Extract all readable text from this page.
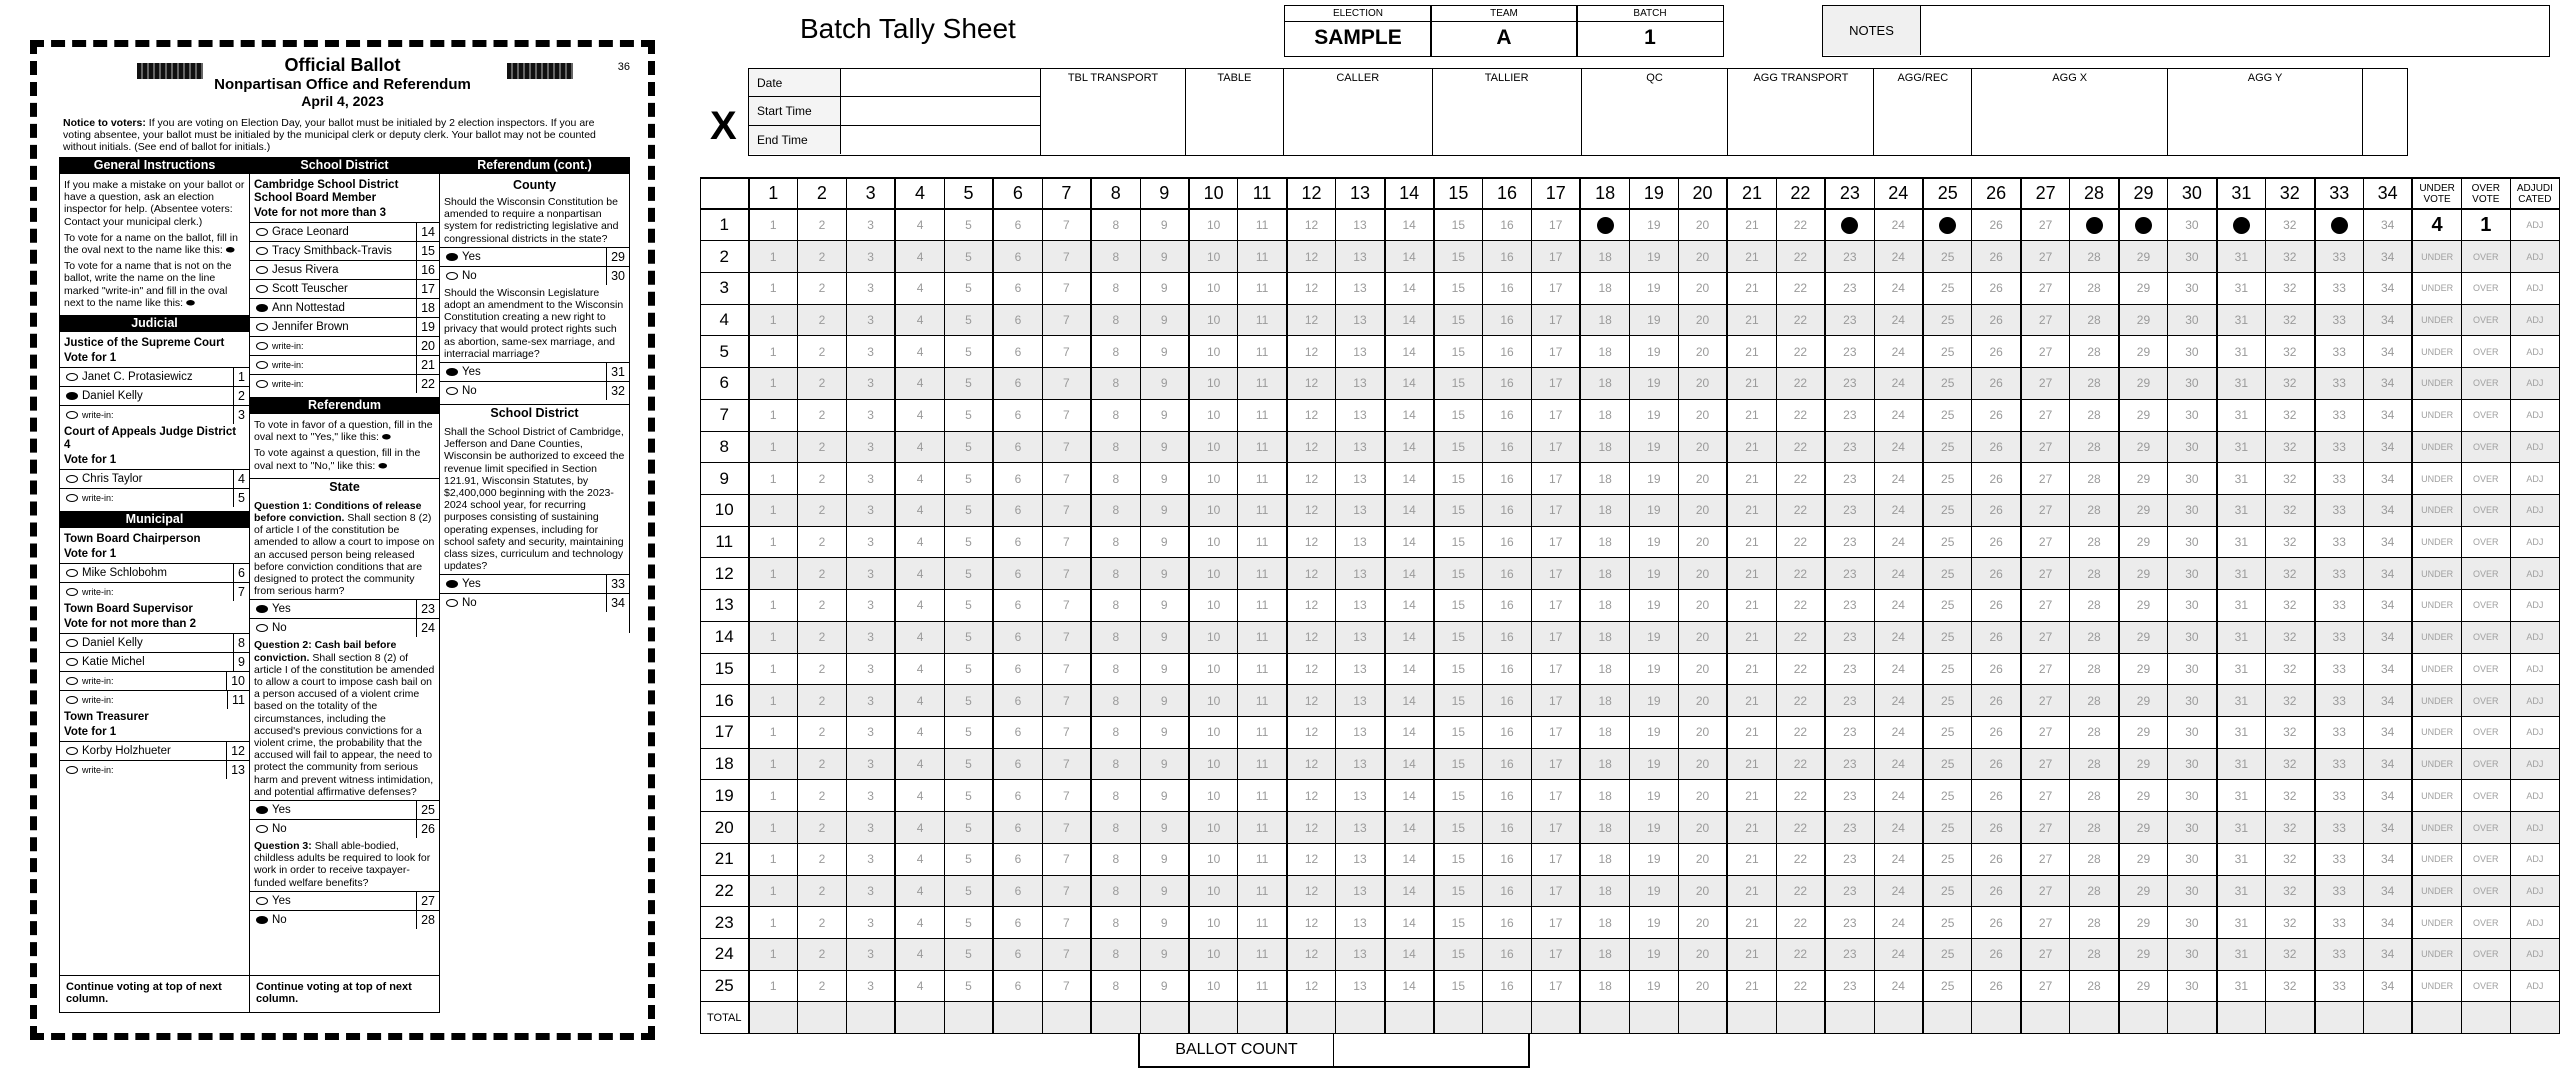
36
Official Ballot
Nonpartisan Office and Referendum
April 4, 2023
Notice to voters: If you are voting on Election Day, your ballot must be initialed by 2 election inspectors. If you are voting absentee, your ballot must be initialed by the municipal clerk or deputy clerk. Your ballot may not be counted without initials. (See end of ballot for initials.)
General Instructions
If you make a mistake on your ballot or have a question, ask an election inspector for help. (Absentee voters: Contact your municipal clerk.)
To vote for a name on the ballot, fill in the oval next to the name like this: ⬬
To vote for a name that is not on the ballot, write the name on the line marked "write-in" and fill in the oval next to the name like this: ⬬
Judicial
Justice of the Supreme Court
Vote for 1
Janet C. Protasiewicz	1
Daniel Kelly	2
write-in:	3
Court of Appeals Judge District 4
Vote for 1
Chris Taylor	4
write-in:	5
Municipal
Town Board Chairperson
Vote for 1
Mike Schlobohm	6
write-in:	7
Town Board Supervisor
Vote for not more than 2
Daniel Kelly	8
Katie Michel	9
write-in:	10
write-in:	11
Town Treasurer
Vote for 1
Korby Holzhueter	12
write-in:	13
Continue voting at top of next column.
School District
Cambridge School District School Board Member
Vote for not more than 3
Grace Leonard	14
Tracy Smithback-Travis	15
Jesus Rivera	16
Scott Teuscher	17
Ann Nottestad	18
Jennifer Brown	19
write-in:	20
write-in:	21
write-in:	22
Referendum
To vote in favor of a question, fill in the oval next to "Yes," like this: ⬬
To vote against a question, fill in the oval next to "No," like this: ⬬
State
Question 1: Conditions of release before conviction. Shall section 8 (2) of article I of the constitution be amended to allow a court to impose on an accused person being released before conviction conditions that are designed to protect the community from serious harm?
Yes	23
No	24
Question 2: Cash bail before conviction. Shall section 8 (2) of article I of the constitution be amended to allow a court to impose cash bail on a person accused of a violent crime based on the totality of the circumstances, including the accused's previous convictions for a violent crime, the probability that the accused will fail to appear, the need to protect the community from serious harm and prevent witness intimidation, and potential affirmative defenses?
Yes	25
No	26
Question 3: Shall able-bodied, childless adults be required to look for work in order to receive taxpayer-funded welfare benefits?
Yes	27
No	28
Continue voting at top of next column.
Referendum (cont.)
County
Should the Wisconsin Constitution be amended to require a nonpartisan system for redistricting legislative and congressional districts in the state?
Yes	29
No	30
Should the Wisconsin Legislature adopt an amendment to the Wisconsin Constitution creating a new right to privacy that would protect rights such as abortion, same-sex marriage, and interracial marriage?
Yes	31
No	32
School District
Shall the School District of Cambridge, Jefferson and Dane Counties, Wisconsin be authorized to exceed the revenue limit specified in Section 121.91, Wisconsin Statutes, by $2,400,000 beginning with the 2023-2024 school year, for recurring purposes consisting of sustaining operating expenses, including for school safety and security, maintaining class sizes, curriculum and technology updates?
Yes	33
No	34
Batch Tally Sheet	ELECTION
SAMPLE
TEAM
A
BATCH
1	NOTES
X
Date
Start Time
End Time
TBL TRANSPORT	TABLE	CALLER	TALLIER	QC	AGG TRANSPORT	AGG/REC	AGG X	AGG Y
	1	2	3	4	5	6	7	8	9	10	11	12	13	14	15	16	17	18	19	20	21	22	23	24	25	26	27	28	29	30	31	32	33	34	UNDER VOTE	OVER VOTE	ADJUDI CATED
1	1	2	3	4	5	6	7	8	9	10	11	12	13	14	15	16	17		19	20	21	22		24		26	27			30		32		34	4	1	ADJ
2	1	2	3	4	5	6	7	8	9	10	11	12	13	14	15	16	17	18	19	20	21	22	23	24	25	26	27	28	29	30	31	32	33	34	UNDER	OVER	ADJ
3	1	2	3	4	5	6	7	8	9	10	11	12	13	14	15	16	17	18	19	20	21	22	23	24	25	26	27	28	29	30	31	32	33	34	UNDER	OVER	ADJ
4	1	2	3	4	5	6	7	8	9	10	11	12	13	14	15	16	17	18	19	20	21	22	23	24	25	26	27	28	29	30	31	32	33	34	UNDER	OVER	ADJ
5	1	2	3	4	5	6	7	8	9	10	11	12	13	14	15	16	17	18	19	20	21	22	23	24	25	26	27	28	29	30	31	32	33	34	UNDER	OVER	ADJ
6	1	2	3	4	5	6	7	8	9	10	11	12	13	14	15	16	17	18	19	20	21	22	23	24	25	26	27	28	29	30	31	32	33	34	UNDER	OVER	ADJ
7	1	2	3	4	5	6	7	8	9	10	11	12	13	14	15	16	17	18	19	20	21	22	23	24	25	26	27	28	29	30	31	32	33	34	UNDER	OVER	ADJ
8	1	2	3	4	5	6	7	8	9	10	11	12	13	14	15	16	17	18	19	20	21	22	23	24	25	26	27	28	29	30	31	32	33	34	UNDER	OVER	ADJ
9	1	2	3	4	5	6	7	8	9	10	11	12	13	14	15	16	17	18	19	20	21	22	23	24	25	26	27	28	29	30	31	32	33	34	UNDER	OVER	ADJ
10	1	2	3	4	5	6	7	8	9	10	11	12	13	14	15	16	17	18	19	20	21	22	23	24	25	26	27	28	29	30	31	32	33	34	UNDER	OVER	ADJ
11	1	2	3	4	5	6	7	8	9	10	11	12	13	14	15	16	17	18	19	20	21	22	23	24	25	26	27	28	29	30	31	32	33	34	UNDER	OVER	ADJ
12	1	2	3	4	5	6	7	8	9	10	11	12	13	14	15	16	17	18	19	20	21	22	23	24	25	26	27	28	29	30	31	32	33	34	UNDER	OVER	ADJ
13	1	2	3	4	5	6	7	8	9	10	11	12	13	14	15	16	17	18	19	20	21	22	23	24	25	26	27	28	29	30	31	32	33	34	UNDER	OVER	ADJ
14	1	2	3	4	5	6	7	8	9	10	11	12	13	14	15	16	17	18	19	20	21	22	23	24	25	26	27	28	29	30	31	32	33	34	UNDER	OVER	ADJ
15	1	2	3	4	5	6	7	8	9	10	11	12	13	14	15	16	17	18	19	20	21	22	23	24	25	26	27	28	29	30	31	32	33	34	UNDER	OVER	ADJ
16	1	2	3	4	5	6	7	8	9	10	11	12	13	14	15	16	17	18	19	20	21	22	23	24	25	26	27	28	29	30	31	32	33	34	UNDER	OVER	ADJ
17	1	2	3	4	5	6	7	8	9	10	11	12	13	14	15	16	17	18	19	20	21	22	23	24	25	26	27	28	29	30	31	32	33	34	UNDER	OVER	ADJ
18	1	2	3	4	5	6	7	8	9	10	11	12	13	14	15	16	17	18	19	20	21	22	23	24	25	26	27	28	29	30	31	32	33	34	UNDER	OVER	ADJ
19	1	2	3	4	5	6	7	8	9	10	11	12	13	14	15	16	17	18	19	20	21	22	23	24	25	26	27	28	29	30	31	32	33	34	UNDER	OVER	ADJ
20	1	2	3	4	5	6	7	8	9	10	11	12	13	14	15	16	17	18	19	20	21	22	23	24	25	26	27	28	29	30	31	32	33	34	UNDER	OVER	ADJ
21	1	2	3	4	5	6	7	8	9	10	11	12	13	14	15	16	17	18	19	20	21	22	23	24	25	26	27	28	29	30	31	32	33	34	UNDER	OVER	ADJ
22	1	2	3	4	5	6	7	8	9	10	11	12	13	14	15	16	17	18	19	20	21	22	23	24	25	26	27	28	29	30	31	32	33	34	UNDER	OVER	ADJ
23	1	2	3	4	5	6	7	8	9	10	11	12	13	14	15	16	17	18	19	20	21	22	23	24	25	26	27	28	29	30	31	32	33	34	UNDER	OVER	ADJ
24	1	2	3	4	5	6	7	8	9	10	11	12	13	14	15	16	17	18	19	20	21	22	23	24	25	26	27	28	29	30	31	32	33	34	UNDER	OVER	ADJ
25	1	2	3	4	5	6	7	8	9	10	11	12	13	14	15	16	17	18	19	20	21	22	23	24	25	26	27	28	29	30	31	32	33	34	UNDER	OVER	ADJ
TOTAL																																					
BALLOT COUNT
